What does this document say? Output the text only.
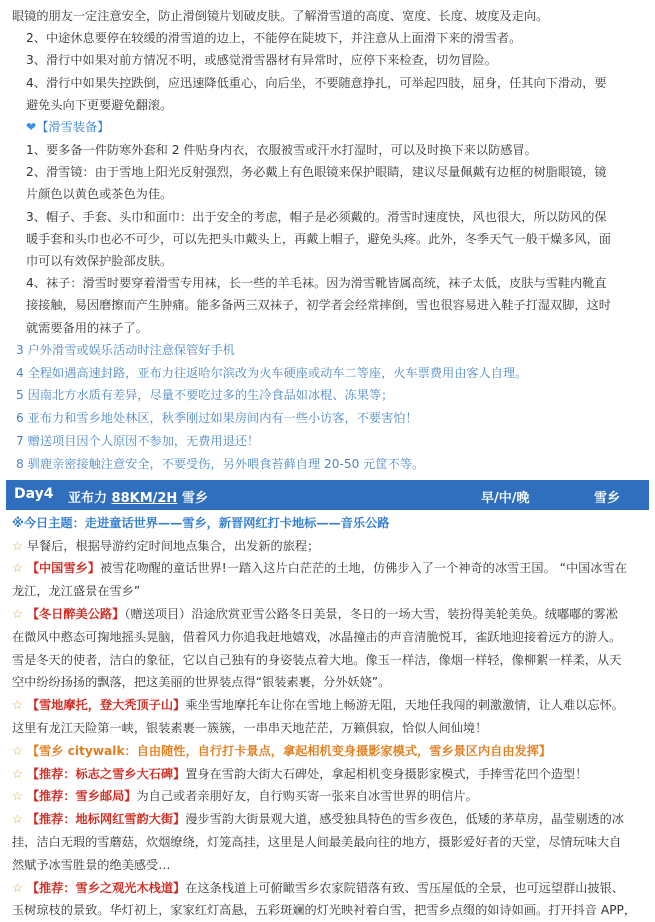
眼镜的朋友一定注意安全，防止滑倒镜片划破皮肤。了解滑雪道的高度、宽度、长度、坡度及走向。
2、中途休息要停在较缓的滑雪道的边上，不能停在陡坡下，并注意从上面滑下来的滑雪者。
3、滑行中如果对前方情况不明，或感觉滑雪器材有异常时，应停下来检查，切勿冒险。
4、滑行中如果失控跌倒，应迅速降低重心，向后坐，不要随意挣扎，可举起四肢，屈身，任其向下滑动，要
避免头向下更要避免翻滚。
❤【滑雪装备】
1、要多备一件防寒外套和 2 件贴身内衣，衣服被雪或汗水打湿时，可以及时换下来以防感冒。
2、滑雪镜：由于雪地上阳光反射强烈，务必戴上有色眼镜来保护眼睛，建议尽量佩戴有边框的树脂眼镜，镜
片颜色以黄色或茶色为佳。
3、帽子、手套、头巾和面巾：出于安全的考虑，帽子是必须戴的。滑雪时速度快，风也很大，所以防风的保
暖手套和头巾也必不可少，可以先把头巾戴头上，再戴上帽子，避免头疼。此外，冬季天气一般干燥多风，面
巾可以有效保护脸部皮肤。
4、袜子：滑雪时要穿着滑雪专用袜，长一些的羊毛袜。因为滑雪靴皆属高统，袜子太低，皮肤与雪鞋内靴直
接接触，易因磨擦而产生肿痛。能多备两三双袜子，初学者会经常摔倒，雪也很容易进入鞋子打湿双脚，这时
就需要备用的袜子了。
3 户外滑雪或娱乐活动时注意保管好手机
4 全程如遇高速封路，亚布力往返哈尔滨改为火车硬座或动车二等座，火车票费用由客人自理。
5 因南北方水质有差异，尽量不要吃过多的生冷食品如冰棍、冻果等；
6 亚布力和雪乡地处林区，秋季刚过如果房间内有一些小访客，不要害怕！
7 赠送项目因个人原因不参加，无费用退还！
8 驯鹿亲密接触注意安全，不要受伤，另外喂食苔藓自理 20-50 元筐不等。
Day4 亚布力 88KM/2H 雪乡	早/中/晚	雪乡
※今日主题：走进童话世界——雪乡，新晋网红打卡地标——音乐公路
☆ 早餐后，根据导游约定时间地点集合，出发新的旅程；
☆ 【中国雪乡】被雪花吻醒的童话世界!一踏入这片白茫茫的土地，仿佛步入了一个神奇的冰雪王国。 “中国冰雪在
龙江，龙江盛景在雪乡”
☆ 【冬日醉美公路】（赠送项目）沿途欣赏亚雪公路冬日美景，冬日的一场大雪，装扮得美轮美奂。绒嘟嘟的雾凇
在微风中憨态可掬地摇头晃脑，借着风力你追我赶地嬉戏，冰晶撞击的声音清脆悦耳，雀跃地迎接着远方的游人。
雪是冬天的使者，洁白的象征，它以自己独有的身姿装点着大地。像玉一样洁，像烟一样轻，像柳絮一样柔，从天
空中纷纷扬扬的飘落，把这美丽的世界装点得“银装素裹，分外妖娆”。
☆ 【雪地摩托，登大秃顶子山】乘坐雪地摩托车让你在雪地上畅游无阻，天地任我闯的刺激激情，让人难以忘怀。
这里有龙江天险第一峡，银装素裹一簇簇，一串串天地茫茫，万籁俱寂，恰似人间仙境！
☆ 【雪乡 citywalk：自由随性，自行打卡景点，拿起相机变身摄影家模式，雪乡景区内自由发挥】
☆ 【推荐：标志之雪乡大石碑】置身在雪韵大街大石碑处，拿起相机变身摄影家模式，手捧雪花凹个造型！
☆ 【推荐：雪乡邮局】为自己或者亲朋好友，自行购买寄一张来自冰雪世界的明信片。
☆ 【推荐：地标网红雪韵大街】漫步雪韵大街景观大道，感受独具特色的雪乡夜色，低矮的茅草房，晶莹剔透的冰
挂，洁白无瑕的雪蘑菇，炊烟缭绕，灯笼高挂，这里是人间最美最向往的地方，摄影爱好者的天堂，尽情玩味大自
然赋予冰雪胜景的绝美感受…
☆ 【推荐：雪乡之观光木栈道】在这条栈道上可俯瞰雪乡农家院错落有致、雪压屋低的全景，也可远望群山披银、
玉树琼枝的景致。华灯初上，家家红灯高悬，五彩斑斓的灯光映衬着白雪，把雪乡点缀的如诗如画。打开抖音 APP，
